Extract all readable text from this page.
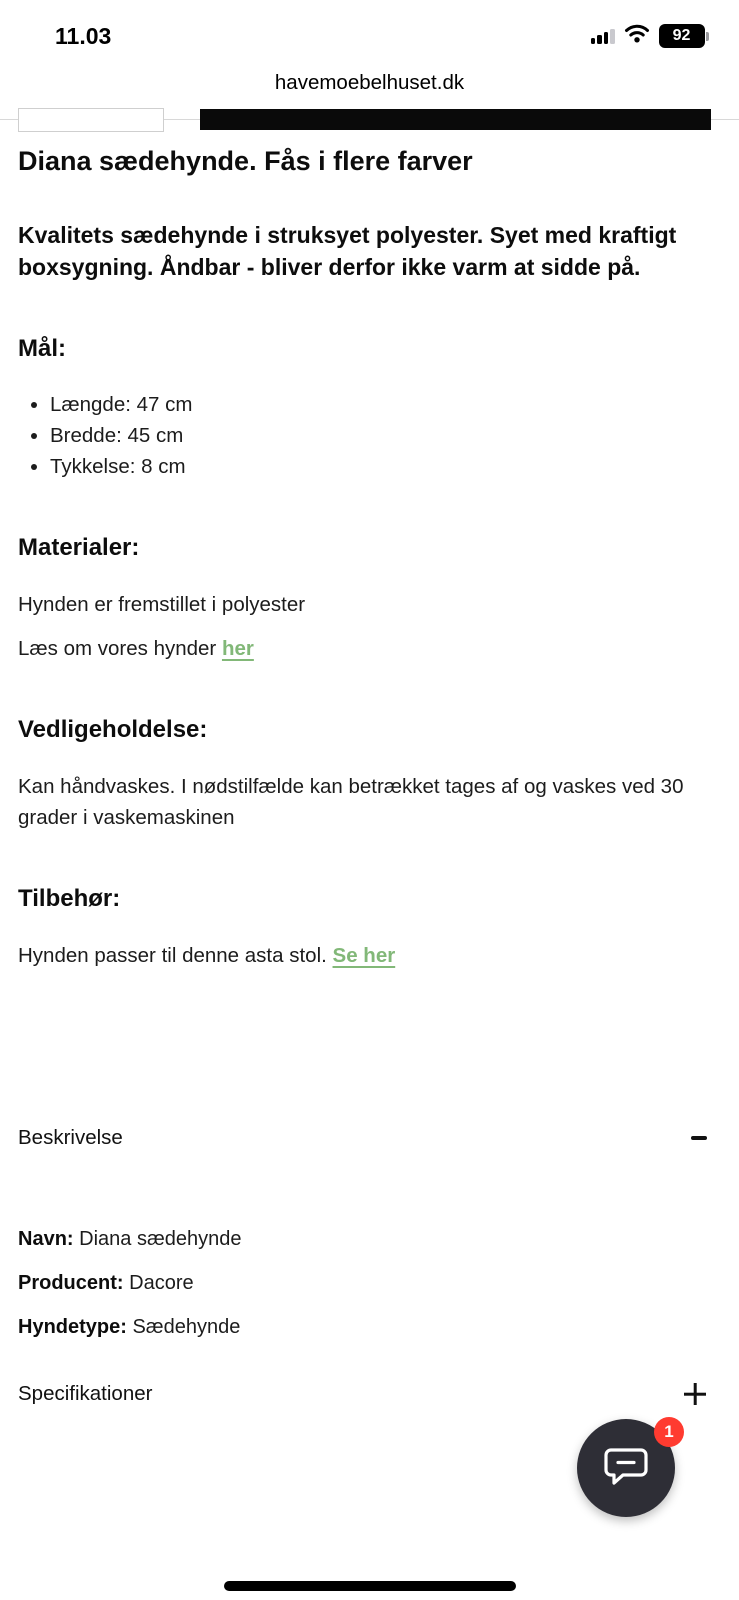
11.03	92
havemoebelhuset.dk
Diana sædehynde. Fås i flere farver

Kvalitets sædehynde i struksyet polyester. Syet med kraftigt boxsygning. Åndbar - bliver derfor ikke varm at sidde på.

Mål:
• Længde: 47 cm
• Bredde: 45 cm
• Tykkelse: 8 cm
Materialer:

Hynden er fremstillet i polyester

Læs om vores hynder her

Vedligeholdelse:

Kan håndvaskes. I nødstilfælde kan betrækket tages af og vaskes ved 30 grader i vaskemaskinen

Tilbehør:

Hynden passer til denne asta stol. Se her

Beskrivelse

Navn: Diana sædehynde

Producent: Dacore

Hyndetype: Sædehynde

Specifikationer
1
